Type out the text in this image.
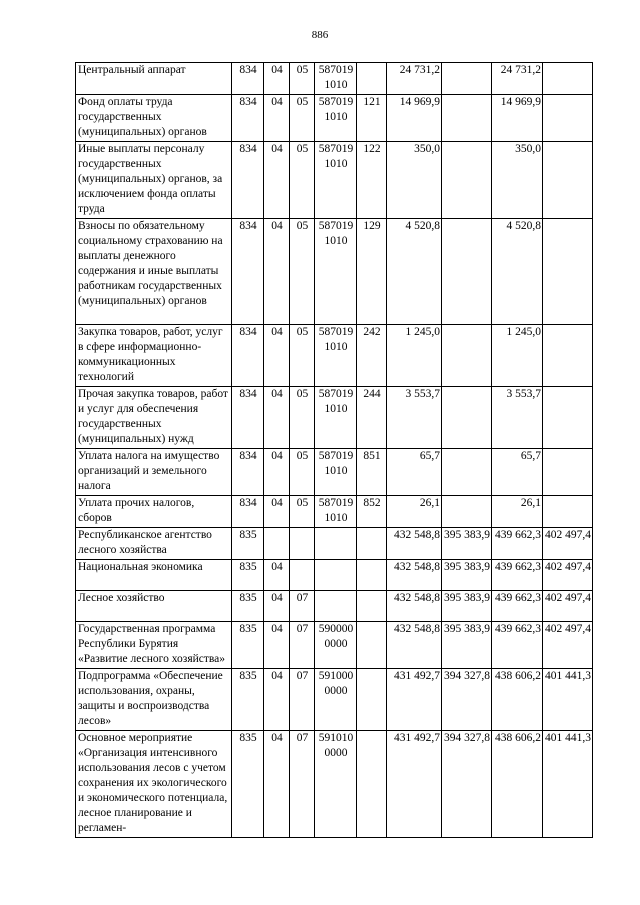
886
Центральный аппарат	834	04	05	587019 1010		24 731,2		24 731,2	
Фонд оплаты труда государственных (муниципальных) органов	834	04	05	587019 1010	121	14 969,9		14 969,9	
Иные выплаты персоналу государственных (муниципальных) органов, за исключением фонда оплаты труда	834	04	05	587019 1010	122	350,0		350,0	
Взносы по обязательному социальному страхованию на выплаты денежного содержания и иные выплаты работникам государственных (муниципальных) органов	834	04	05	587019 1010	129	4 520,8		4 520,8	
Закупка товаров, работ, услуг в сфере информационно-коммуникационных технологий	834	04	05	587019 1010	242	1 245,0		1 245,0	
Прочая закупка товаров, работ и услуг для обеспечения государственных (муниципальных) нужд	834	04	05	587019 1010	244	3 553,7		3 553,7	
Уплата налога на имущество организаций и земельного налога	834	04	05	587019 1010	851	65,7		65,7	
Уплата прочих налогов, сборов	834	04	05	587019 1010	852	26,1		26,1	
Республиканское агентство лесного хозяйства	835					432 548,8	395 383,9	439 662,3	402 497,4
Национальная экономика	835	04				432 548,8	395 383,9	439 662,3	402 497,4
Лесное хозяйство	835	04	07			432 548,8	395 383,9	439 662,3	402 497,4
Государственная программа Республики Бурятия «Развитие лесного хозяйства»	835	04	07	590000 0000		432 548,8	395 383,9	439 662,3	402 497,4
Подпрограмма «Обеспечение использования, охраны, защиты и воспроизводства лесов»	835	04	07	591000 0000		431 492,7	394 327,8	438 606,2	401 441,3
Основное мероприятие «Организация интенсивного использования лесов с учетом сохранения их экологического и экономического потенциала, лесное планирование и регламен-	835	04	07	591010 0000		431 492,7	394 327,8	438 606,2	401 441,3
